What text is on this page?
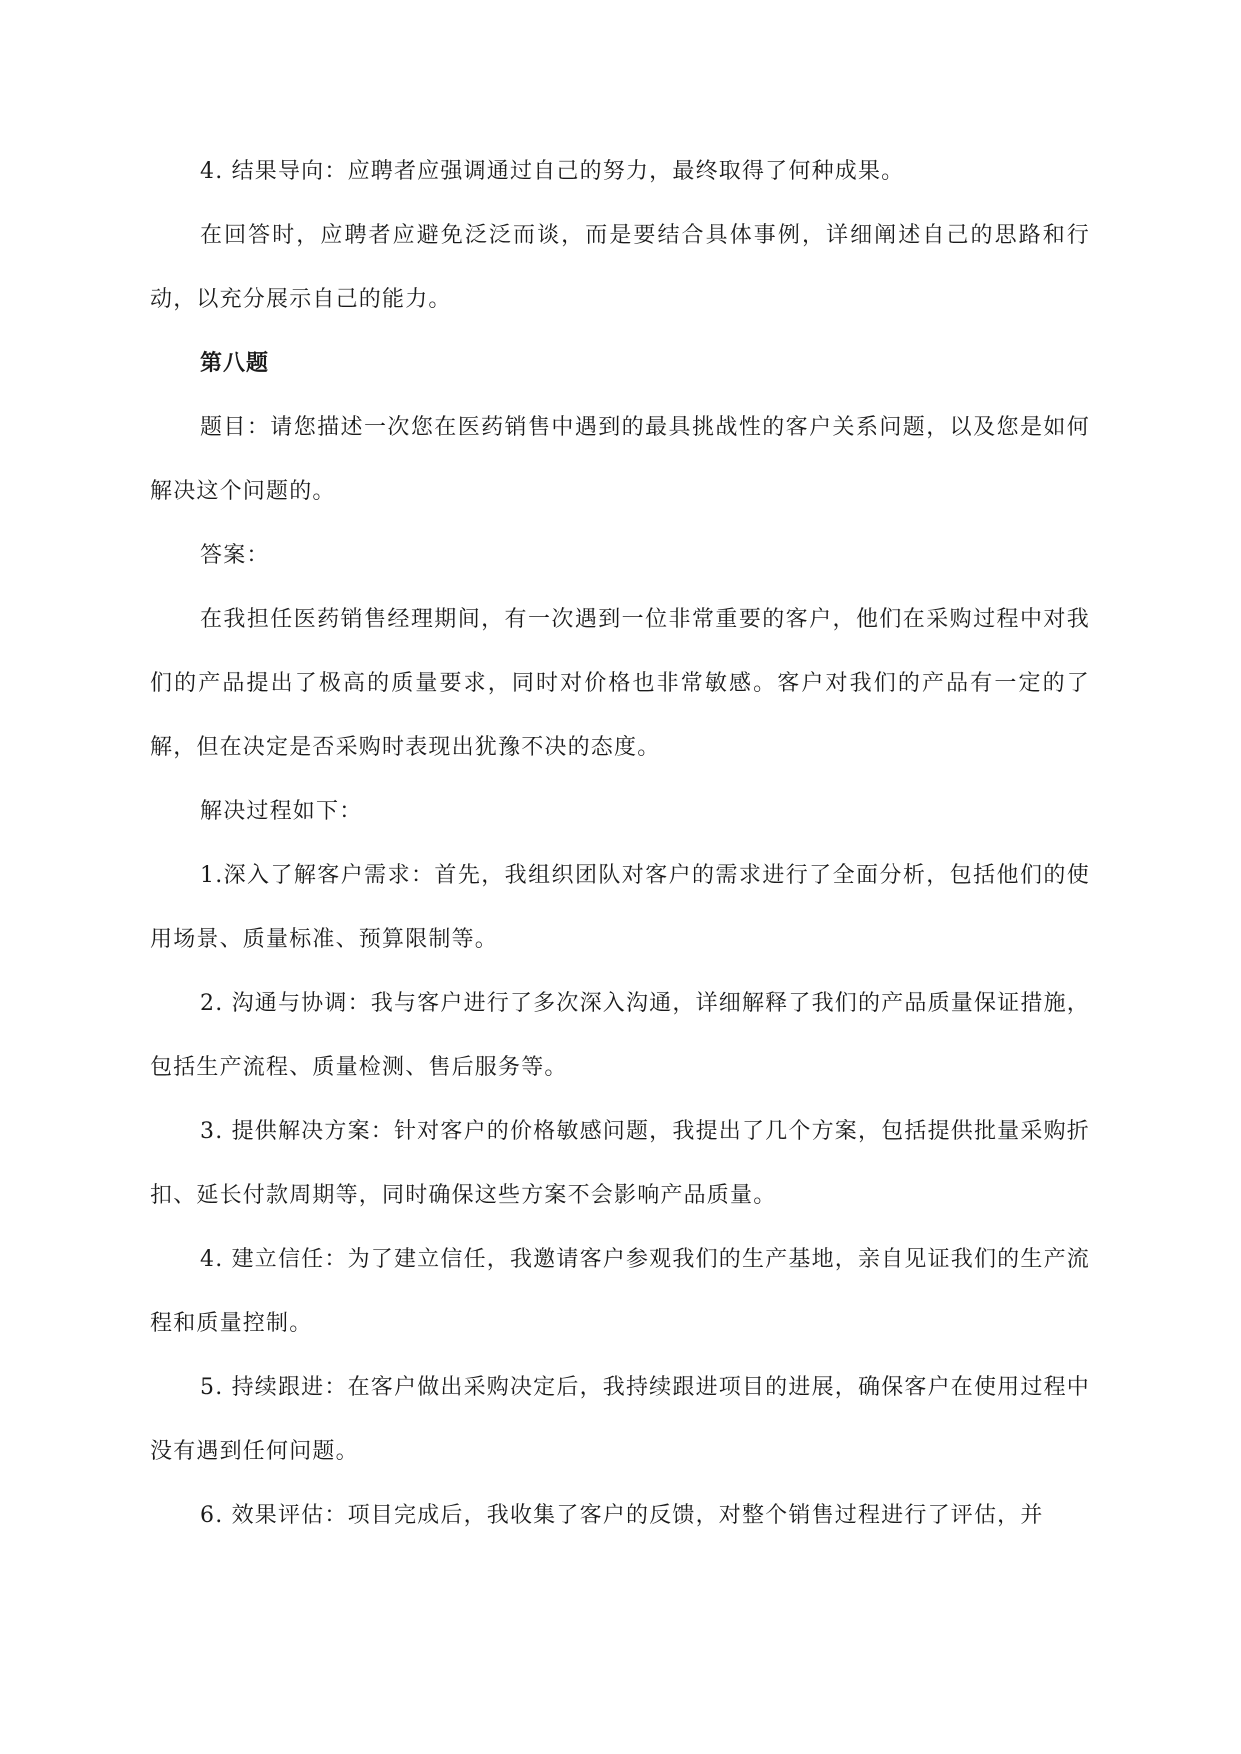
4. 结果导向：应聘者应强调通过自己的努力，最终取得了何种成果。

在回答时，应聘者应避免泛泛而谈，而是要结合具体事例，详细阐述自己的思路和行动，以充分展示自己的能力。

第八题

题目：请您描述一次您在医药销售中遇到的最具挑战性的客户关系问题，以及您是如何解决这个问题的。

答案：

在我担任医药销售经理期间，有一次遇到一位非常重要的客户，他们在采购过程中对我们的产品提出了极高的质量要求，同时对价格也非常敏感。客户对我们的产品有一定的了解，但在决定是否采购时表现出犹豫不决的态度。

解决过程如下：

1.深入了解客户需求：首先，我组织团队对客户的需求进行了全面分析，包括他们的使用场景、质量标准、预算限制等。

2. 沟通与协调：我与客户进行了多次深入沟通，详细解释了我们的产品质量保证措施，包括生产流程、质量检测、售后服务等。

3. 提供解决方案：针对客户的价格敏感问题，我提出了几个方案，包括提供批量采购折扣、延长付款周期等，同时确保这些方案不会影响产品质量。

4. 建立信任：为了建立信任，我邀请客户参观我们的生产基地，亲自见证我们的生产流程和质量控制。

5. 持续跟进：在客户做出采购决定后，我持续跟进项目的进展，确保客户在使用过程中没有遇到任何问题。

6. 效果评估：项目完成后，我收集了客户的反馈，对整个销售过程进行了评估，并
